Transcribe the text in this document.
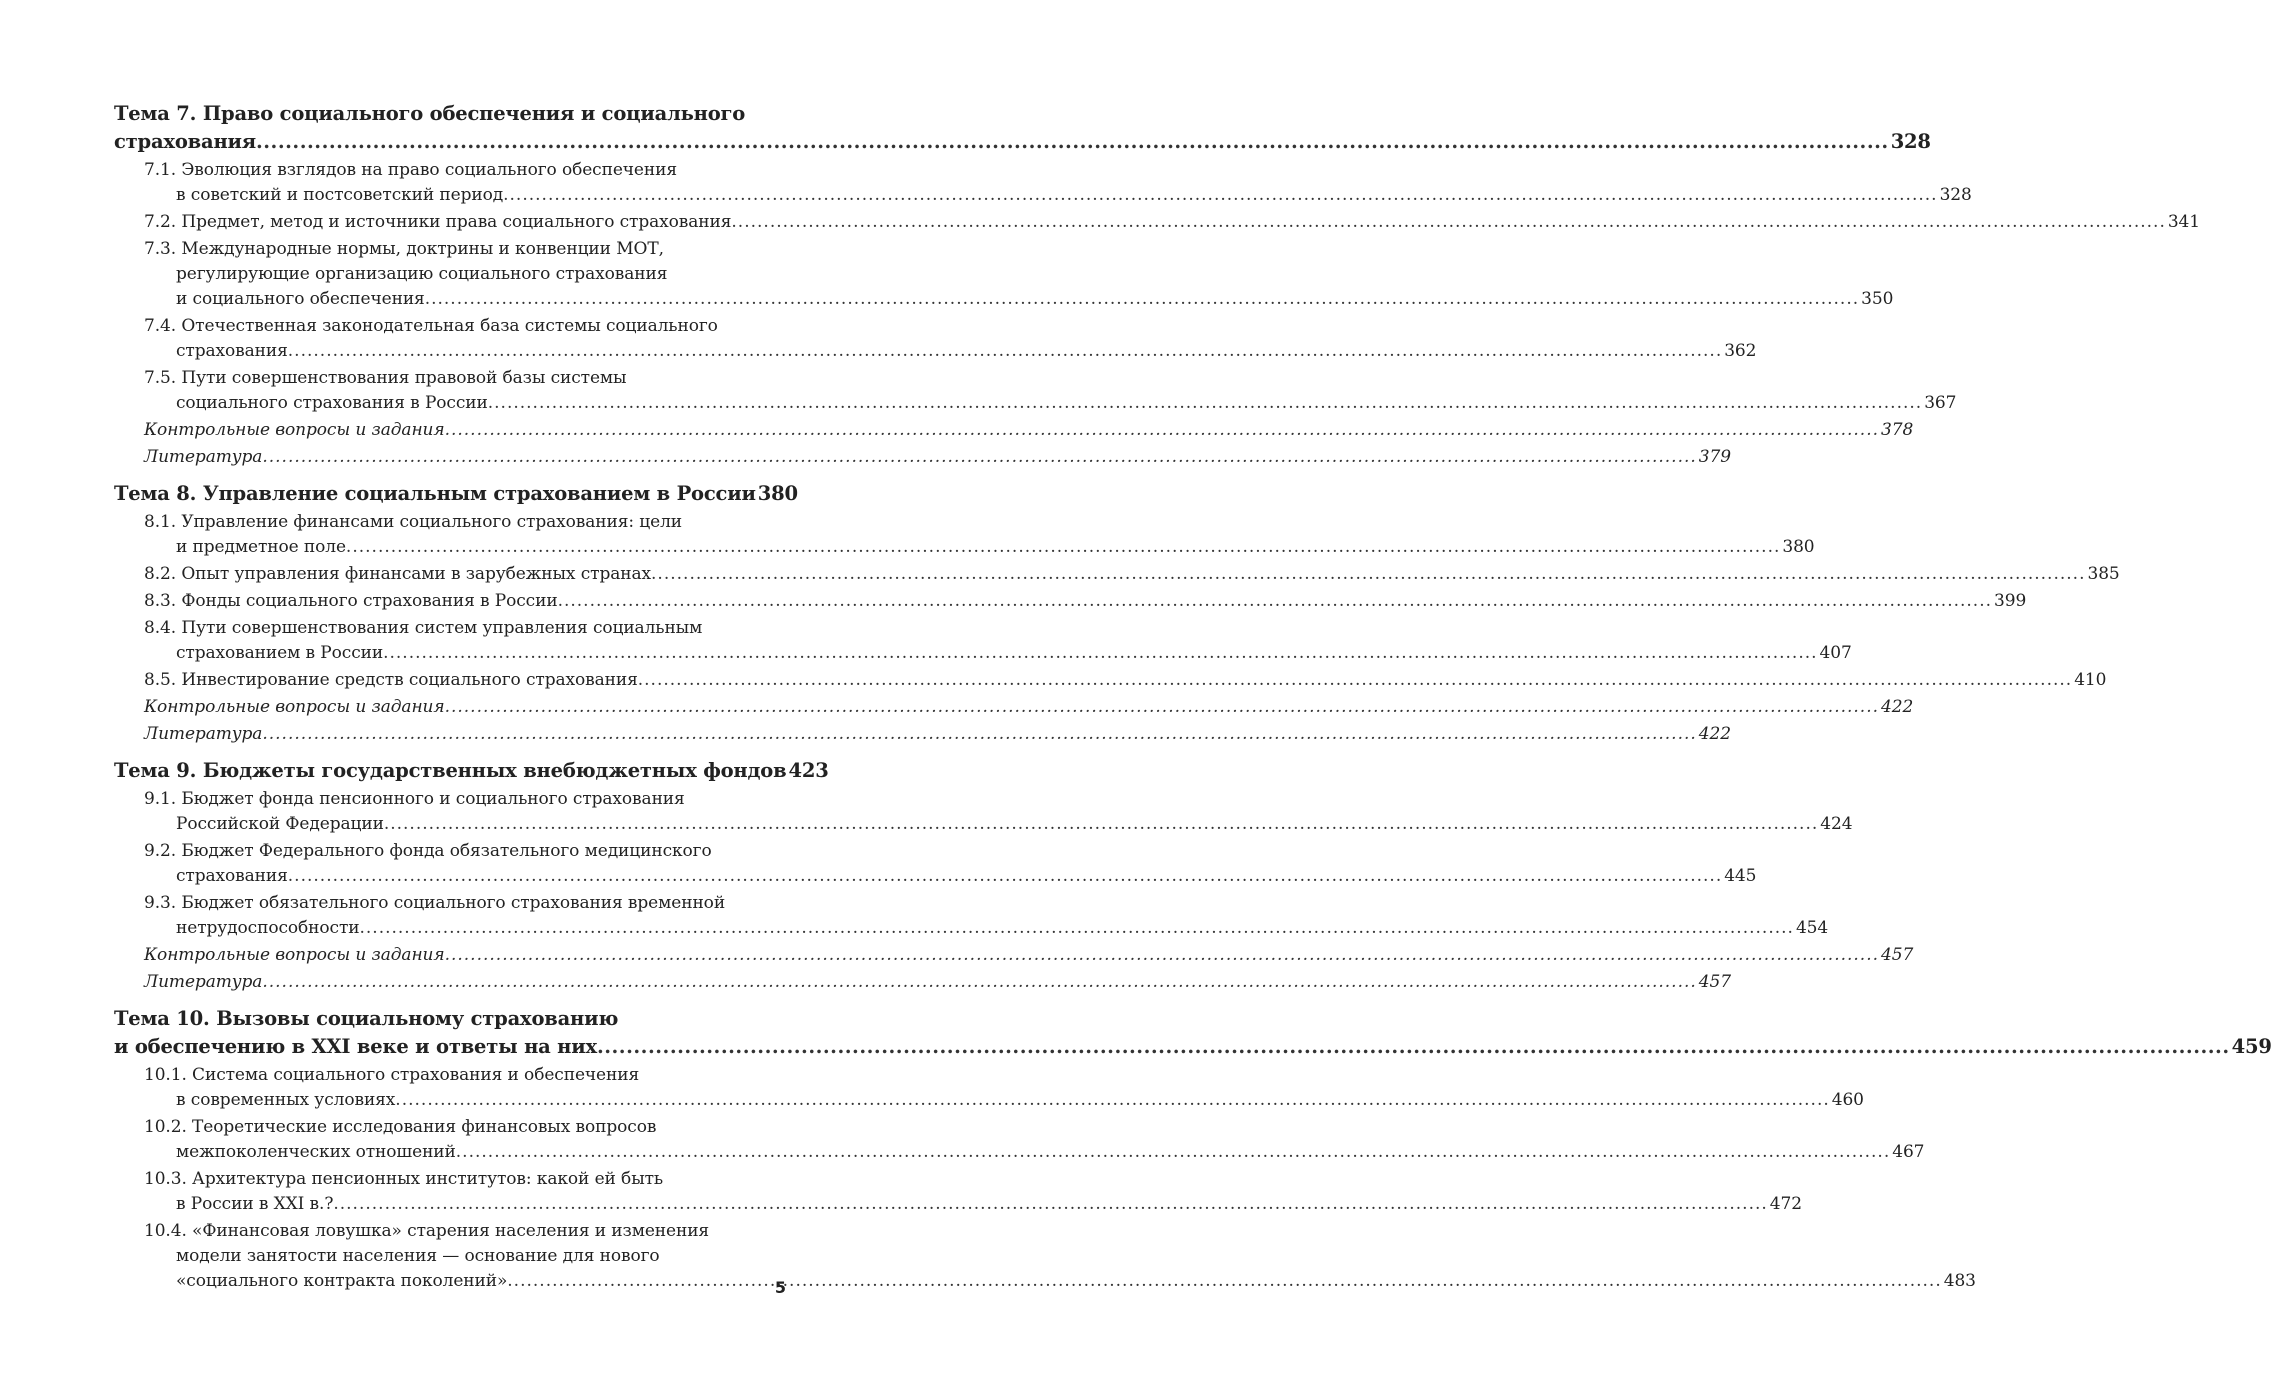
Тема 7. Право социального обеспечения и социального
страхования .....	328
7.1. Эволюция взглядов на право социального обеспечения
в советский и постсоветский период .....	328
7.2. Предмет, метод и источники права социального страхования .....	341
7.3. Международные нормы, доктрины и конвенции МОТ,
регулирующие организацию социального страхования
и социального обеспечения .....	350
7.4. Отечественная законодательная база системы социального
страхования .....	362
7.5. Пути совершенствования правовой базы системы
социального страхования в России .....	367
Контрольные вопросы и задания .....	378
Литература .....	379
Тема 8. Управление социальным страхованием в России 380
8.1. Управление финансами социального страхования: цели
и предметное поле .....	380
8.2. Опыт управления финансами в зарубежных странах .....	385
8.3. Фонды социального страхования в России .....	399
8.4. Пути совершенствования систем управления социальным
страхованием в России .....	407
8.5. Инвестирование средств социального страхования .....	410
Контрольные вопросы и задания .....	422
Литература .....	422
Тема 9. Бюджеты государственных внебюджетных фондов 423
9.1. Бюджет фонда пенсионного и социального страхования
Российской Федерации .....	424
9.2. Бюджет Федерального фонда обязательного медицинского
страхования .....	445
9.3. Бюджет обязательного социального страхования временной
нетрудоспособности .....	454
Контрольные вопросы и задания .....	457
Литература .....	457
Тема 10. Вызовы социальному страхованию
и обеспечению в XXI веке и ответы на них .....	459
10.1. Система социального страхования и обеспечения
в современных условиях .....	460
10.2. Теоретические исследования финансовых вопросов
межпоколенческих отношений .....	467
10.3. Архитектура пенсионных институтов: какой ей быть
в России в XXI в.? .....	472
10.4. «Финансовая ловушка» старения населения и изменения
модели занятости населения — основание для нового
«социального контракта поколений» .....	483
5
